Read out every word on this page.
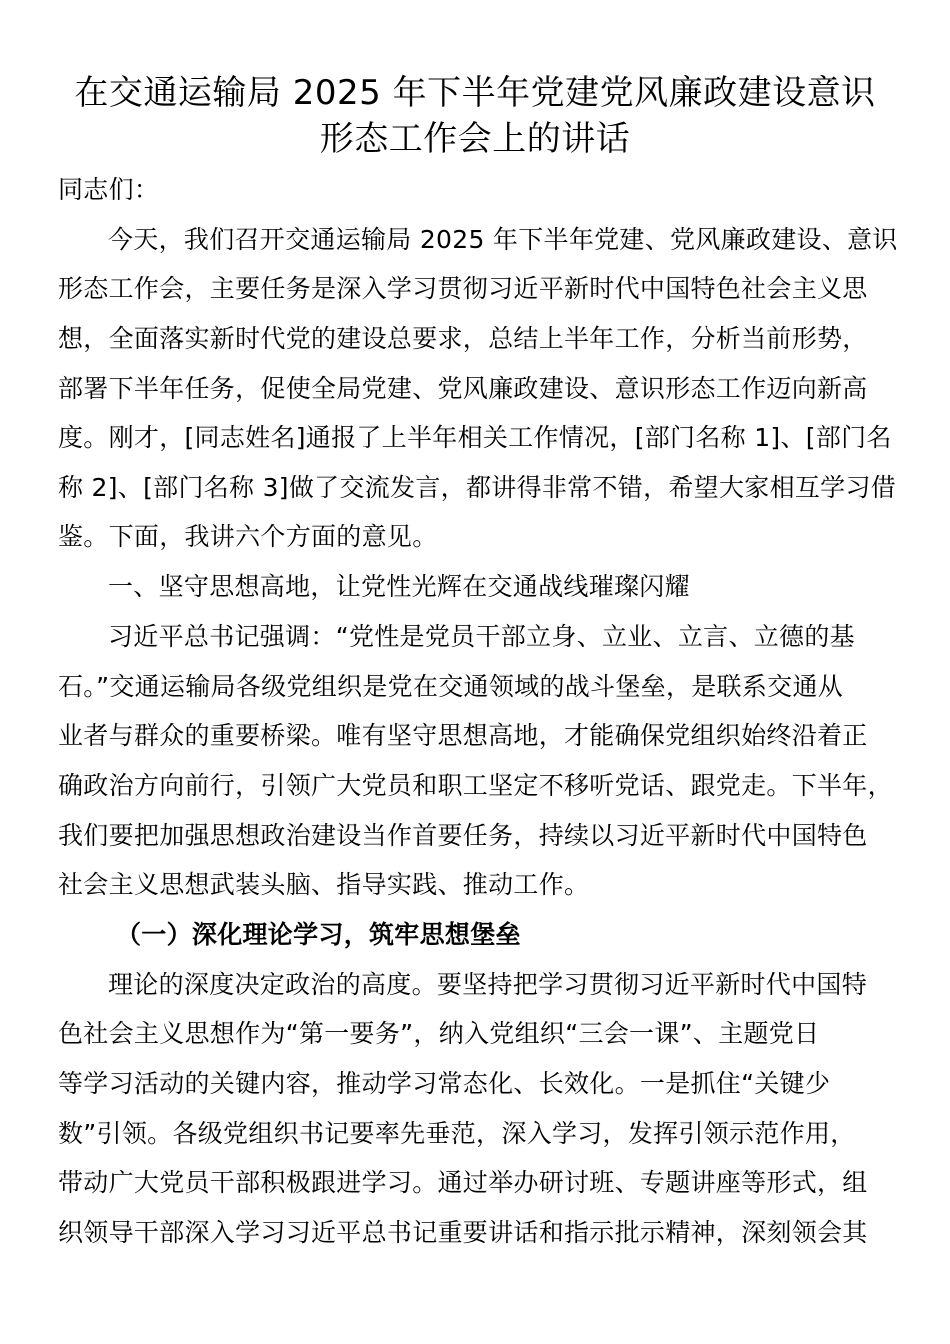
在交通运输局 2025 年下半年党建党风廉政建设意识
形态工作会上的讲话
同志们：
今天，我们召开交通运输局 2025 年下半年党建、党风廉政建设、意识
形态工作会，主要任务是深入学习贯彻习近平新时代中国特色社会主义思
想，全面落实新时代党的建设总要求，总结上半年工作，分析当前形势，
部署下半年任务，促使全局党建、党风廉政建设、意识形态工作迈向新高
度。刚才，[同志姓名]通报了上半年相关工作情况，[部门名称 1]、[部门名
称 2]、[部门名称 3]做了交流发言，都讲得非常不错，希望大家相互学习借
鉴。下面，我讲六个方面的意见。
一、坚守思想高地，让党性光辉在交通战线璀璨闪耀
习近平总书记强调：“党性是党员干部立身、立业、立言、立德的基
石。”交通运输局各级党组织是党在交通领域的战斗堡垒，是联系交通从
业者与群众的重要桥梁。唯有坚守思想高地，才能确保党组织始终沿着正
确政治方向前行，引领广大党员和职工坚定不移听党话、跟党走。下半年，
我们要把加强思想政治建设当作首要任务，持续以习近平新时代中国特色
社会主义思想武装头脑、指导实践、推动工作。
（一）深化理论学习，筑牢思想堡垒
理论的深度决定政治的高度。要坚持把学习贯彻习近平新时代中国特
色社会主义思想作为“第一要务”，纳入党组织“三会一课”、主题党日
等学习活动的关键内容，推动学习常态化、长效化。一是抓住“关键少
数”引领。各级党组织书记要率先垂范，深入学习，发挥引领示范作用，
带动广大党员干部积极跟进学习。通过举办研讨班、专题讲座等形式，组
织领导干部深入学习习近平总书记重要讲话和指示批示精神，深刻领会其
